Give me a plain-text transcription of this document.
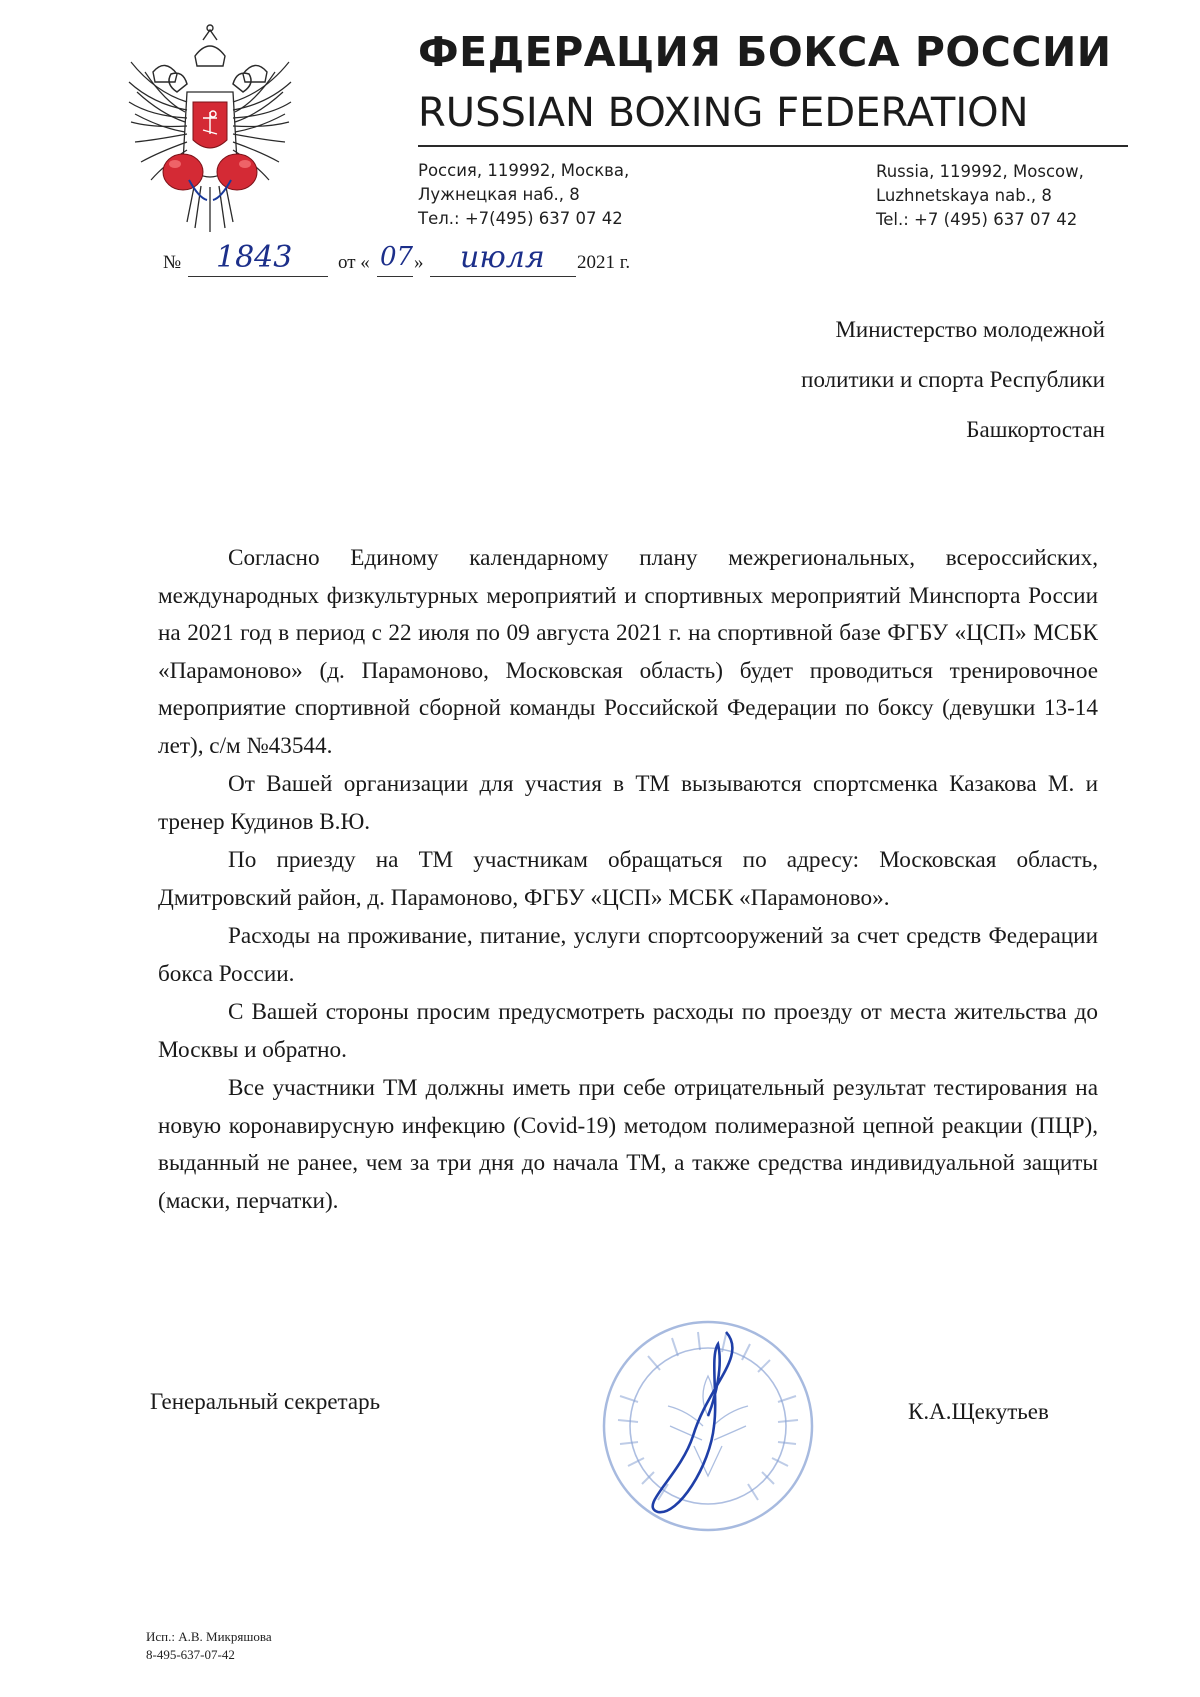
ФЕДЕРАЦИЯ БОКСА РОССИИ
RUSSIAN BOXING FEDERATION
Россия, 119992, Москва,
Лужнецкая наб., 8
Тел.: +7(495) 637 07 42
Russia, 119992, Moscow,
Luzhnetskaya nab., 8
Tel.: +7 (495) 637 07 42
№ 1843 от « 07 » июля 2021 г.
Министерство молодежной
политики и спорта Республики
Башкортостан

Согласно Единому календарному плану межрегиональных, всероссийских, международных физкультурных мероприятий и спортивных мероприятий Минспорта России на 2021 год в период с 22 июля по 09 августа 2021 г. на спортивной базе ФГБУ «ЦСП» МСБК «Парамоново» (д. Парамоново, Московская область) будет проводиться тренировочное мероприятие спортивной сборной команды Российской Федерации по боксу (девушки 13-14 лет), с/м №43544.

От Вашей организации для участия в ТМ вызываются спортсменка Казакова М. и тренер Кудинов В.Ю.

По приезду на ТМ участникам обращаться по адресу: Московская область, Дмитровский район, д. Парамоново, ФГБУ «ЦСП» МСБК «Парамоново».

Расходы на проживание, питание, услуги спортсооружений за счет средств Федерации бокса России.

С Вашей стороны просим предусмотреть расходы по проезду от места жительства до Москвы и обратно.

Все участники ТМ должны иметь при себе отрицательный результат тестирования на новую коронавирусную инфекцию (Covid-19) методом полимеразной цепной реакции (ПЦР), выданный не ранее, чем за три дня до начала ТМ, а также средства индивидуальной защиты (маски, перчатки).

Генеральный секретарь	К.А.Щекутьев
Исп.: А.В. Микряшова
8-495-637-07-42
